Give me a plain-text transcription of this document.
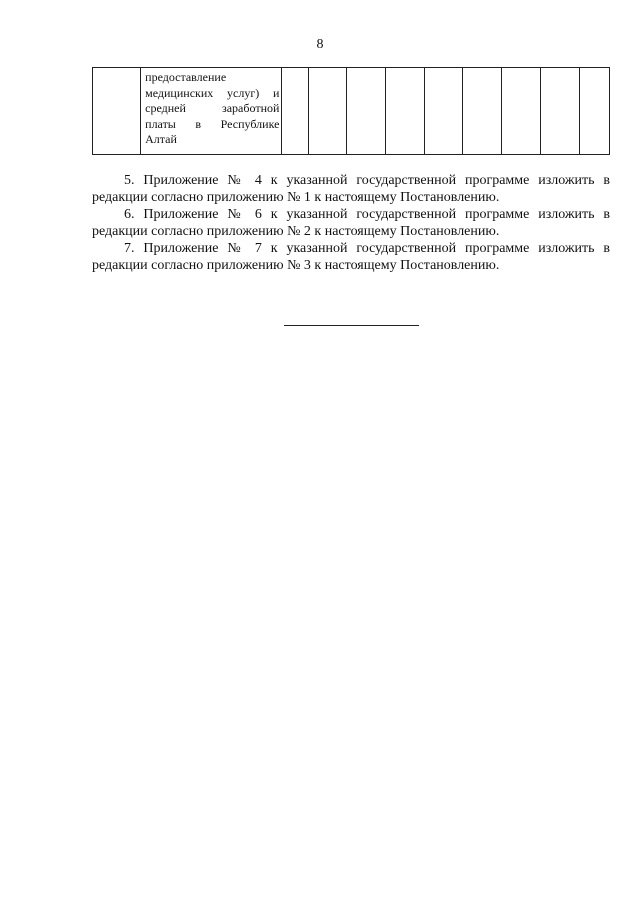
8

предоставление
медицинских услуг) и
средней заработной
платы в Республике
Алтай

5. Приложение № 4 к указанной государственной программе изложить в
редакции согласно приложению № 1 к настоящему Постановлению.
6. Приложение № 6 к указанной государственной программе изложить в
редакции согласно приложению № 2 к настоящему Постановлению.
7. Приложение № 7 к указанной государственной программе изложить в
редакции согласно приложению № 3 к настоящему Постановлению.
